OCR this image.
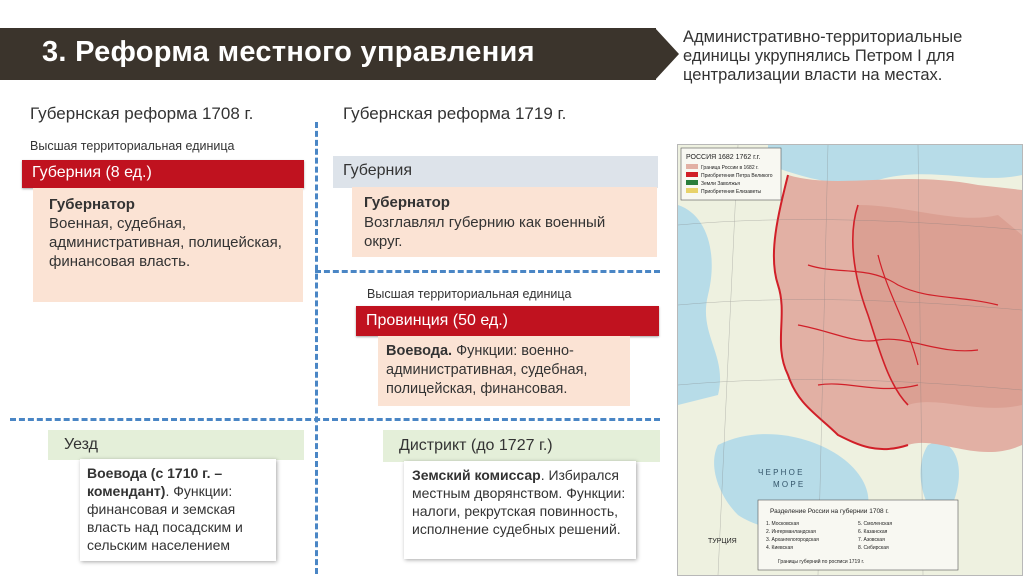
3. Реформа местного управления	Административно-территориальные единицы укрупнялись Петром I для централизации власти на местах.
Губернская реформа 1708 г.
Высшая территориальная единица
Губерния (8 ед.)
Губернатор
Военная, судебная, административная, полицейская, финансовая власть.
Уезд
Воевода (с 1710 г. – комендант). Функции: финансовая и земская власть над посадским и сельским населением
Губернская реформа 1719 г.
Губерния
Губернатор
Возглавлял губернию как военный округ.
Высшая территориальная единица
Провинция (50 ед.)
Воевода. Функции: военно-административная, судебная, полицейская, финансовая.
Дистрикт (до 1727 г.)
Земский комиссар. Избирался местным дворянством. Функции: налоги, рекрутская повинность, исполнение судебных решений.
РОССИЯ 1682 1762 г.г.
Граница России в 1682 г.
Приобретения Петра Великого
Земли Заволжья
Приобретения Елизаветы
Ч Е Р Н О Е
М О Р Е
ТУРЦИЯ
Разделение России на губернии 1708 г.
1. Московская
2. Ингерманландская
3. Архангелогородская
4. Киевская
5. Смоленская
6. Казанская
7. Азовская
8. Сибирская
Границы губерний по росписи 1719 г.
